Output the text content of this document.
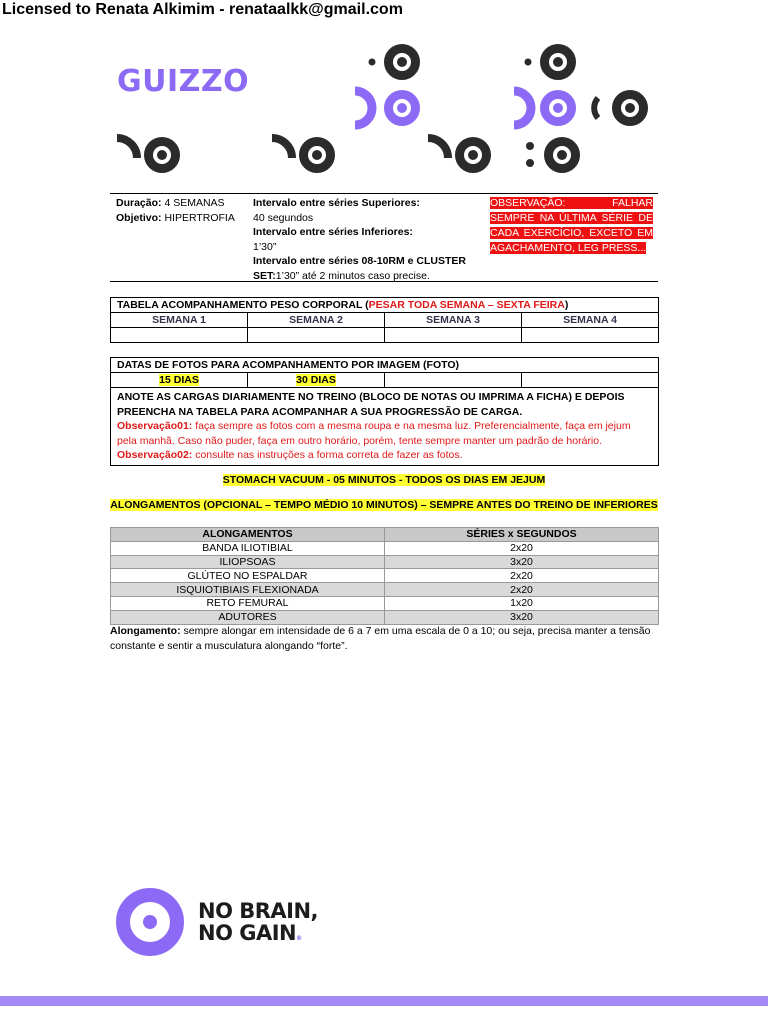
Licensed to Renata Alkimim - renataalkk@gmail.com
GUIZZO
Duração: 4 SEMANAS
Objetivo: HIPERTROFIA
Intervalo entre séries Superiores:
40 segundos
Intervalo entre séries Inferiores:
1’30”
Intervalo entre séries 08-10RM e CLUSTER
SET:1’30” até 2 minutos caso precise.
OBSERVAÇÃO: FALHAR SEMPRE NA ÚLTIMA SÉRIE DE CADA EXERCÍCIO, EXCETO EM AGACHAMENTO, LEG PRESS...
TABELA ACOMPANHAMENTO PESO CORPORAL (PESAR TODA SEMANA – SEXTA FEIRA)			
SEMANA 1	SEMANA 2	SEMANA 3	SEMANA 4

DATAS DE FOTOS PARA ACOMPANHAMENTO POR IMAGEM (FOTO)
15 DIAS	30 DIAS		

ANOTE AS CARGAS DIARIAMENTE NO TREINO (BLOCO DE NOTAS OU IMPRIMA A FICHA) E DEPOIS PREENCHA NA TABELA PARA ACOMPANHAR A SUA PROGRESSÃO DE CARGA.
Observação01: faça sempre as fotos com a mesma roupa e na mesma luz. Preferencialmente, faça em jejum pela manhã. Caso não puder, faça em outro horário, porém, tente sempre manter um padrão de horário.
Observação02: consulte nas instruções a forma correta de fazer as fotos.
STOMACH VACUUM - 05 MINUTOS - TODOS OS DIAS EM JEJUM
ALONGAMENTOS (OPCIONAL – TEMPO MÉDIO 10 MINUTOS) – SEMPRE ANTES DO TREINO DE INFERIORES
ALONGAMENTOS	SÉRIES x SEGUNDOS
BANDA ILIOTIBIAL	2x20
ILIOPSOAS	3x20
GLÚTEO NO ESPALDAR	2x20
ISQUIOTIBIAIS FLEXIONADA	2x20
RETO FEMURAL	1x20
ADUTORES	3x20
Alongamento: sempre alongar em intensidade de 6 a 7 em uma escala de 0 a 10; ou seja, precisa manter a tensão constante e sentir a musculatura alongando “forte”.
NO BRAIN,
NO GAIN®
